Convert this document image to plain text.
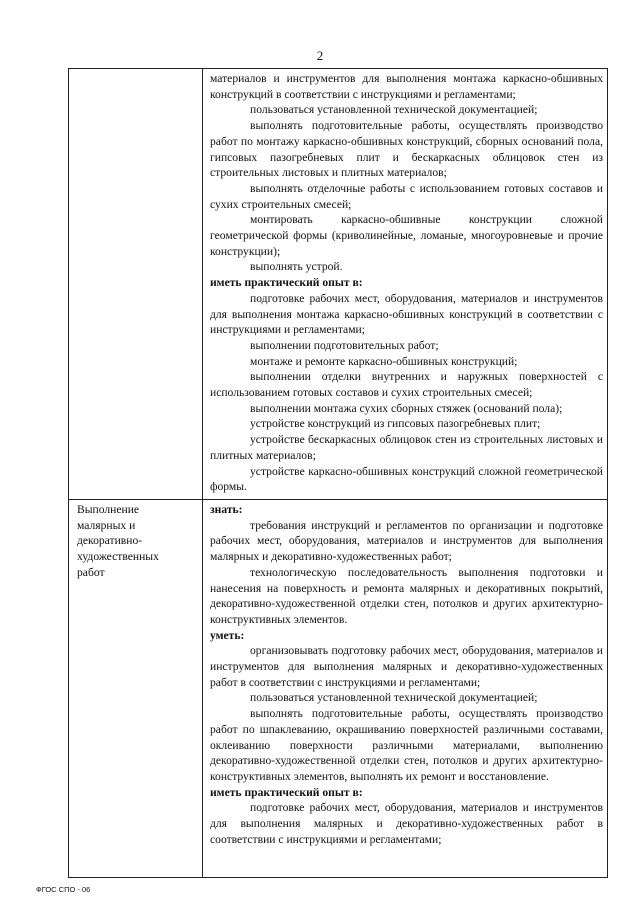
2

материалов и инструментов для выполнения монтажа каркасно-обшивных конструкций в соответствии с инструкциями и регламентами;

пользоваться установленной технической документацией;

выполнять подготовительные работы, осуществлять производство работ по монтажу каркасно-обшивных конструкций, сборных оснований пола, гипсовых пазогребневых плит и бескаркасных облицовок стен из строительных листовых и плитных материалов;

выполнять отделочные работы с использованием готовых составов и сухих строительных смесей;

монтировать каркасно-обшивные конструкции сложной геометрической формы (криволинейные, ломаные, многоуровневые и прочие конструкции);

выполнять устрой.

иметь практический опыт в:

подготовке рабочих мест, оборудования, материалов и инструментов для выполнения монтажа каркасно-обшивных конструкций в соответствии с инструкциями и регламентами;

выполнении подготовительных работ;

монтаже и ремонте каркасно-обшивных конструкций;

выполнении отделки внутренних и наружных поверхностей с использованием готовых составов и сухих строительных смесей;

выполнении монтажа сухих сборных стяжек (оснований пола);

устройстве конструкций из гипсовых пазогребневых плит;

устройстве бескаркасных облицовок стен из строительных листовых и плитных материалов;

устройстве каркасно-обшивных конструкций сложной геометрической формы.

Выполнение

малярных и

декоративно-

художественных

работ

знать:

требования инструкций и регламентов по организации и подготовке рабочих мест, оборудования, материалов и инструментов для выполнения малярных и декоративно-художественных работ;

технологическую последовательность выполнения подготовки и нанесения на поверхность и ремонта малярных и декоративных покрытий, декоративно-художественной отделки стен, потолков и других архитектурно-конструктивных элементов.

уметь:

организовывать подготовку рабочих мест, оборудования, материалов и инструментов для выполнения малярных и декоративно-художественных работ в соответствии с инструкциями и регламентами;

пользоваться установленной технической документацией;

выполнять подготовительные работы, осуществлять производство работ по шпаклеванию, окрашиванию поверхностей различными составами, оклеиванию поверхности различными материалами, выполнению декоративно-художественной отделки стен, потолков и других архитектурно-конструктивных элементов, выполнять их ремонт и восстановление.

иметь практический опыт в:

подготовке рабочих мест, оборудования, материалов и инструментов для выполнения малярных и декоративно-художественных работ в соответствии с инструкциями и регламентами;

ФГОС СПО - 06
